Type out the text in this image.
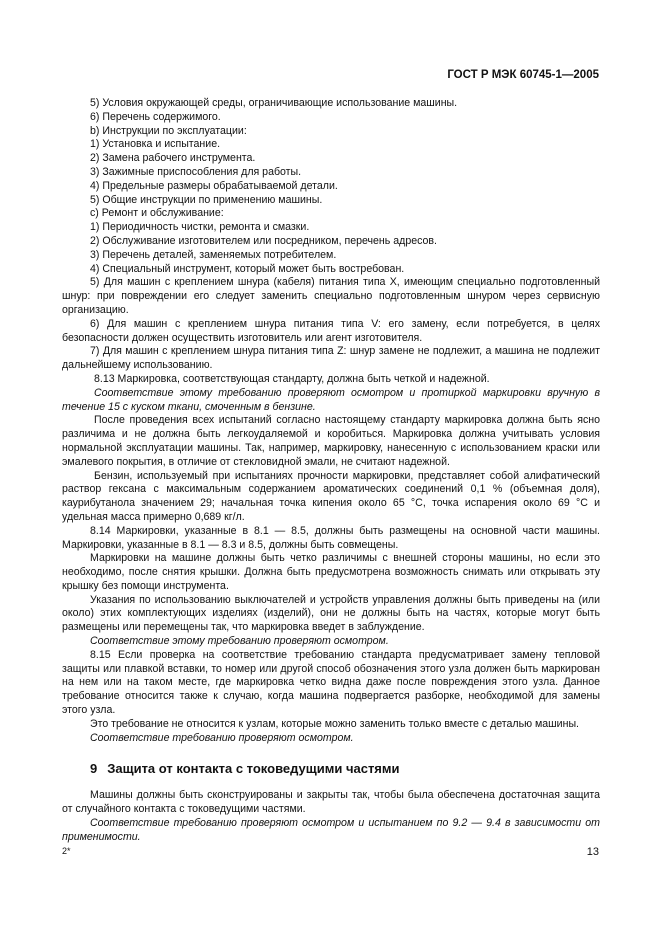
ГОСТ Р МЭК 60745-1—2005

5) Условия окружающей среды, ограничивающие использование машины.

6) Перечень содержимого.

b) Инструкции по эксплуатации:

1) Установка и испытание.

2) Замена рабочего инструмента.

3) Зажимные приспособления для работы.

4) Предельные размеры обрабатываемой детали.

5) Общие инструкции по применению машины.

c) Ремонт и обслуживание:

1) Периодичность чистки, ремонта и смазки.

2) Обслуживание изготовителем или посредником, перечень адресов.

3) Перечень деталей, заменяемых потребителем.

4) Специальный инструмент, который может быть востребован.

5) Для машин с креплением шнура (кабеля) питания типа Х, имеющим специально подготовленный шнур: при повреждении его следует заменить специально подготовленным шнуром через сервисную организацию.

6) Для машин с креплением шнура питания типа V: его замену, если потребуется, в целях безопасности должен осуществить изготовитель или агент изготовителя.

7) Для машин с креплением шнура питания типа Z: шнур замене не подлежит, а машина не подлежит дальнейшему использованию.

8.13 Маркировка, соответствующая стандарту, должна быть четкой и надежной.

Соответствие этому требованию проверяют осмотром и протиркой маркировки вручную в течение 15 с куском ткани, смоченным в бензине.

После проведения всех испытаний согласно настоящему стандарту маркировка должна быть ясно различима и не должна быть легкоудаляемой и коробиться. Маркировка должна учитывать условия нормальной эксплуатации машины. Так, например, маркировку, нанесенную с использованием краски или эмалевого покрытия, в отличие от стекловидной эмали, не считают надежной.

Бензин, используемый при испытаниях прочности маркировки, представляет собой алифатический раствор гексана с максимальным содержанием ароматических соединений 0,1 % (объемная доля), каурибутанола значением 29; начальная точка кипения около 65 °С, точка испарения около 69 °С и удельная масса примерно 0,689 кг/л.

8.14 Маркировки, указанные в 8.1 — 8.5, должны быть размещены на основной части машины. Маркировки, указанные в 8.1 — 8.3 и 8.5, должны быть совмещены.

Маркировки на машине должны быть четко различимы с внешней стороны машины, но если это необходимо, после снятия крышки. Должна быть предусмотрена возможность снимать или открывать эту крышку без помощи инструмента.

Указания по использованию выключателей и устройств управления должны быть приведены на (или около) этих комплектующих изделиях (изделий), они не должны быть на частях, которые могут быть размещены или перемещены так, что маркировка введет в заблуждение.

Соответствие этому требованию проверяют осмотром.

8.15 Если проверка на соответствие требованию стандарта предусматривает замену тепловой защиты или плавкой вставки, то номер или другой способ обозначения этого узла должен быть маркирован на нем или на таком месте, где маркировка четко видна даже после повреждения этого узла. Данное требование относится также к случаю, когда машина подвергается разборке, необходимой для замены этого узла.

Это требование не относится к узлам, которые можно заменить только вместе с деталью машины.

Соответствие требованию проверяют осмотром.

9 Защита от контакта с токоведущими частями

Машины должны быть сконструированы и закрыты так, чтобы была обеспечена достаточная защита от случайного контакта с токоведущими частями.

Соответствие требованию проверяют осмотром и испытанием по 9.2 — 9.4 в зависимости от применимости.

2*	13
